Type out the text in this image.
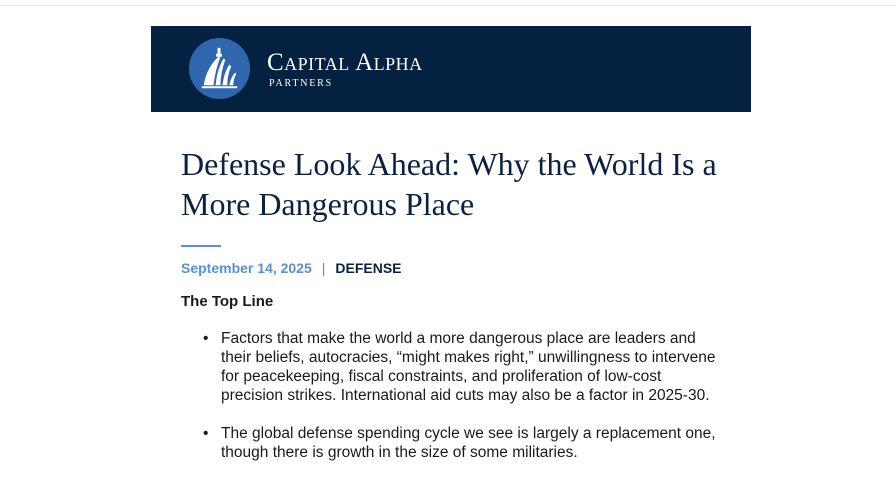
Capital Alpha
PARTNERS
Defense Look Ahead: Why the World Is a More Dangerous Place
September 14, 2025 | DEFENSE
The Top Line
• Factors that make the world a more dangerous place are leaders and their beliefs, autocracies, “might makes right,” unwillingness to intervene for peacekeeping, fiscal constraints, and proliferation of low-cost precision strikes. International aid cuts may also be a factor in 2025-30.
• The global defense spending cycle we see is largely a replacement one, though there is growth in the size of some militaries.
